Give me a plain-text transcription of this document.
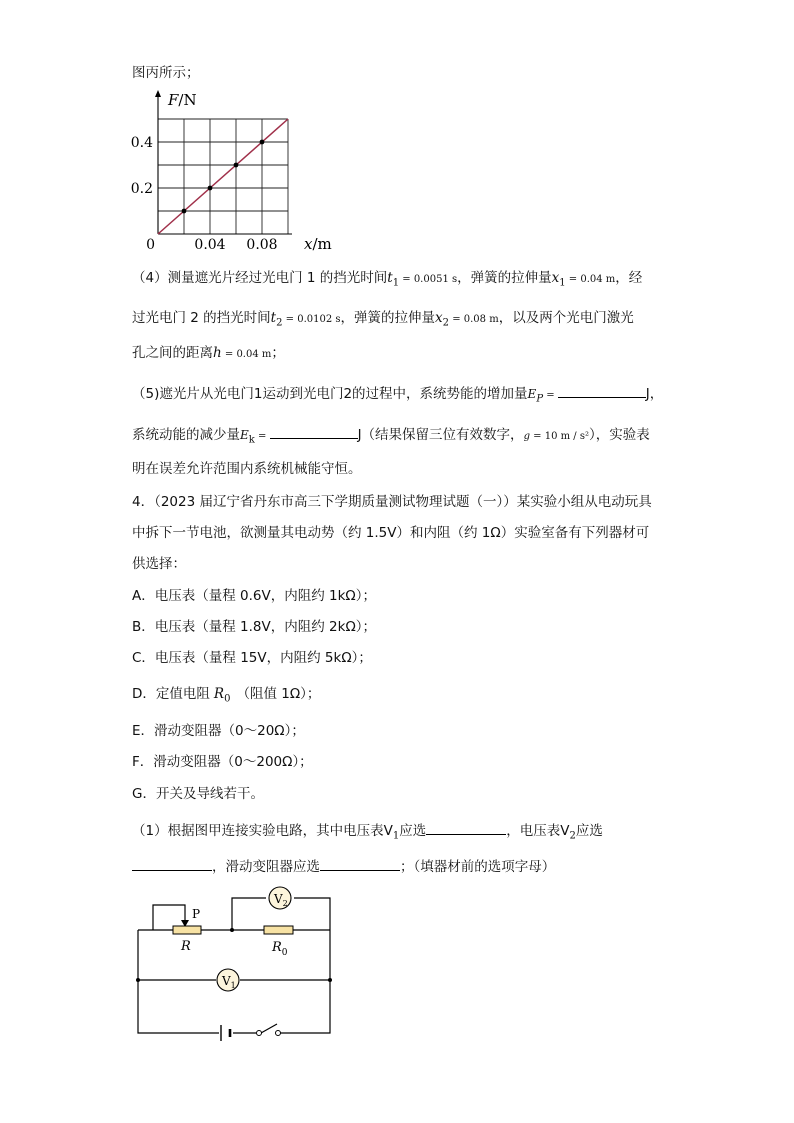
图丙所示；
0	0.04 0.08
0.2
0.4
F/N
x/m
（4）测量遮光片经过光电门 1 的挡光时间$t_1 = 0.0051$ s，弹簧的拉伸量$x_1 = 0.04$ m，经
过光电门 2 的挡光时间$t_2 = 0.0102$ s，弹簧的拉伸量$x_2 = 0.08$ m，以及两个光电门激光
孔之间的距离h = 0.04 m；
（5)遮光片从光电门1运动到光电门2的过程中，系统势能的增加量$E_P$ =	J，
系统动能的减少量$E_k$ =	J（结果保留三位有效数字，g = 10 m / s²），实验表
明在误差允许范围内系统机械能守恒。
4．（2023 届辽宁省丹东市高三下学期质量测试物理试题（一））某实验小组从电动玩具
中拆下一节电池，欲测量其电动势（约 1.5V）和内阻（约 1Ω）实验室备有下列器材可
供选择：
A．电压表（量程 0.6V，内阻约 1kΩ）；
B．电压表（量程 1.8V，内阻约 2kΩ）；
C．电压表（量程 15V，内阻约 5kΩ）；
D．定值电阻 $R_0$ （阻值 1Ω）；
E．滑动变阻器（0～20Ω）；
F．滑动变阻器（0～200Ω）；
G．开关及导线若干。
（1）根据图甲连接实验电路，其中电压表$V_1$应选	，电压表$V_2$应选
，滑动变阻器应选	；（填器材前的选项字母）
$V_2$
$V_1$
P
R	$R_0$
